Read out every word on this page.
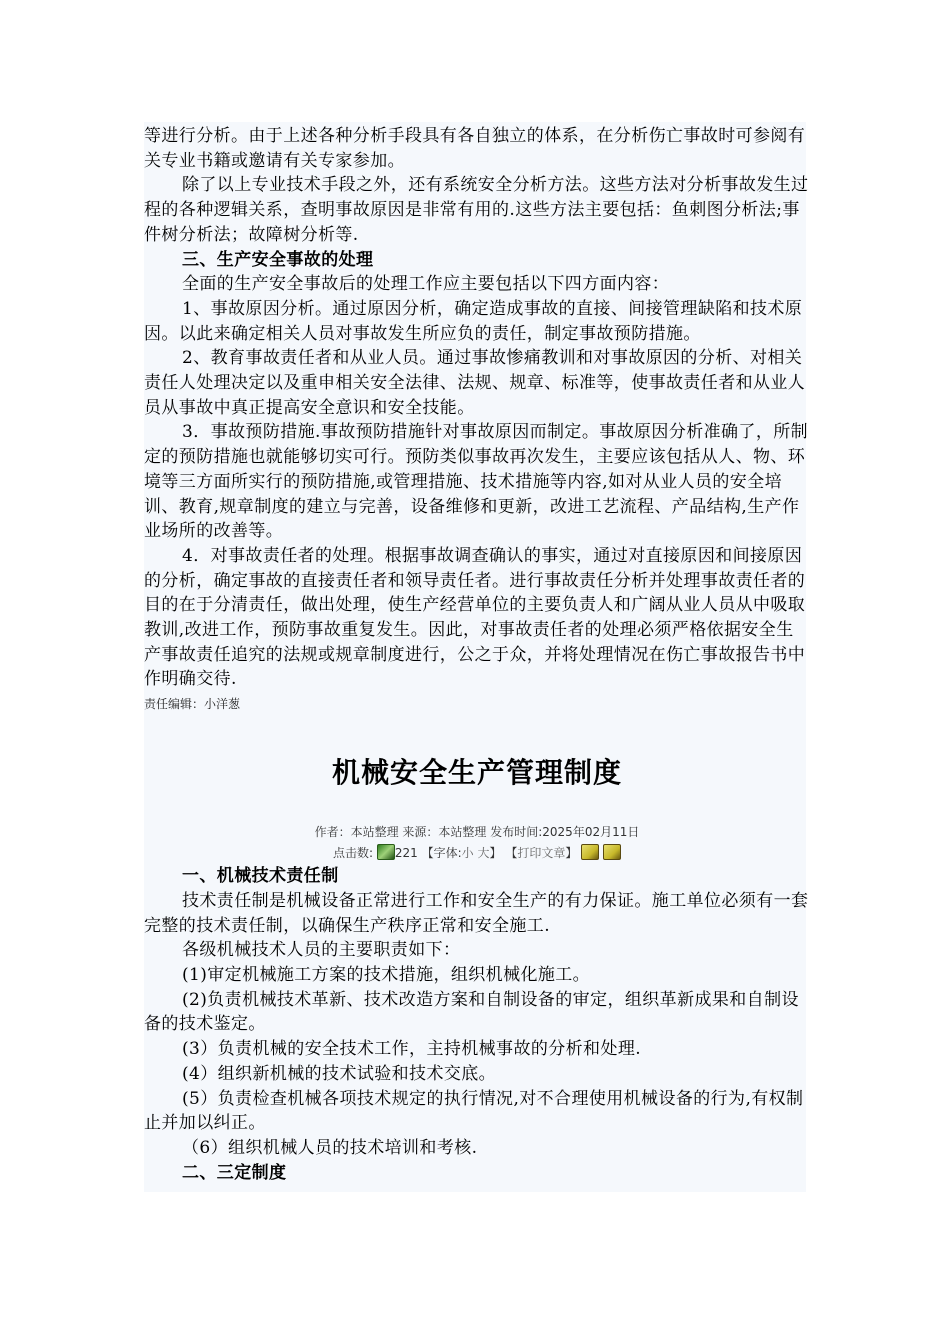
等进行分析。由于上述各种分析手段具有各自独立的体系，在分析伤亡事故时可参阅有关专业书籍或邀请有关专家参加。

除了以上专业技术手段之外，还有系统安全分析方法。这些方法对分析事故发生过程的各种逻辑关系，查明事故原因是非常有用的.这些方法主要包括：鱼刺图分析法;事件树分析法；故障树分析等.

三、生产安全事故的处理

全面的生产安全事故后的处理工作应主要包括以下四方面内容：

1、事故原因分析。通过原因分析，确定造成事故的直接、间接管理缺陷和技术原因。以此来确定相关人员对事故发生所应负的责任，制定事故预防措施。

2、教育事故责任者和从业人员。通过事故惨痛教训和对事故原因的分析、对相关责任人处理决定以及重申相关安全法律、法规、规章、标准等，使事故责任者和从业人员从事故中真正提高安全意识和安全技能。

3．事故预防措施.事故预防措施针对事故原因而制定。事故原因分析准确了，所制定的预防措施也就能够切实可行。预防类似事故再次发生，主要应该包括从人、物、环境等三方面所实行的预防措施,或管理措施、技术措施等内容,如对从业人员的安全培训、教育,规章制度的建立与完善，设备维修和更新，改进工艺流程、产品结构,生产作业场所的改善等。

4．对事故责任者的处理。根据事故调查确认的事实，通过对直接原因和间接原因的分析，确定事故的直接责任者和领导责任者。进行事故责任分析并处理事故责任者的目的在于分清责任，做出处理，使生产经营单位的主要负责人和广阔从业人员从中吸取教训,改进工作，预防事故重复发生。因此，对事故责任者的处理必须严格依据安全生产事故责任追究的法规或规章制度进行，公之于众，并将处理情况在伤亡事故报告书中作明确交待.

责任编辑：小洋葱
机械安全生产管理制度
作者：本站整理 来源：本站整理 发布时间:2025年02月11日
点击数: 221 【字体:小 大】 【打印文章】

一、机械技术责任制

技术责任制是机械设备正常进行工作和安全生产的有力保证。施工单位必须有一套完整的技术责任制，以确保生产秩序正常和安全施工.

各级机械技术人员的主要职责如下：

(1)审定机械施工方案的技术措施，组织机械化施工。

(2)负责机械技术革新、技术改造方案和自制设备的审定，组织革新成果和自制设备的技术鉴定。

(3）负责机械的安全技术工作，主持机械事故的分析和处理.

(4）组织新机械的技术试验和技术交底。

(5）负责检查机械各项技术规定的执行情况,对不合理使用机械设备的行为,有权制止并加以纠正。

（6）组织机械人员的技术培训和考核.

二、三定制度
